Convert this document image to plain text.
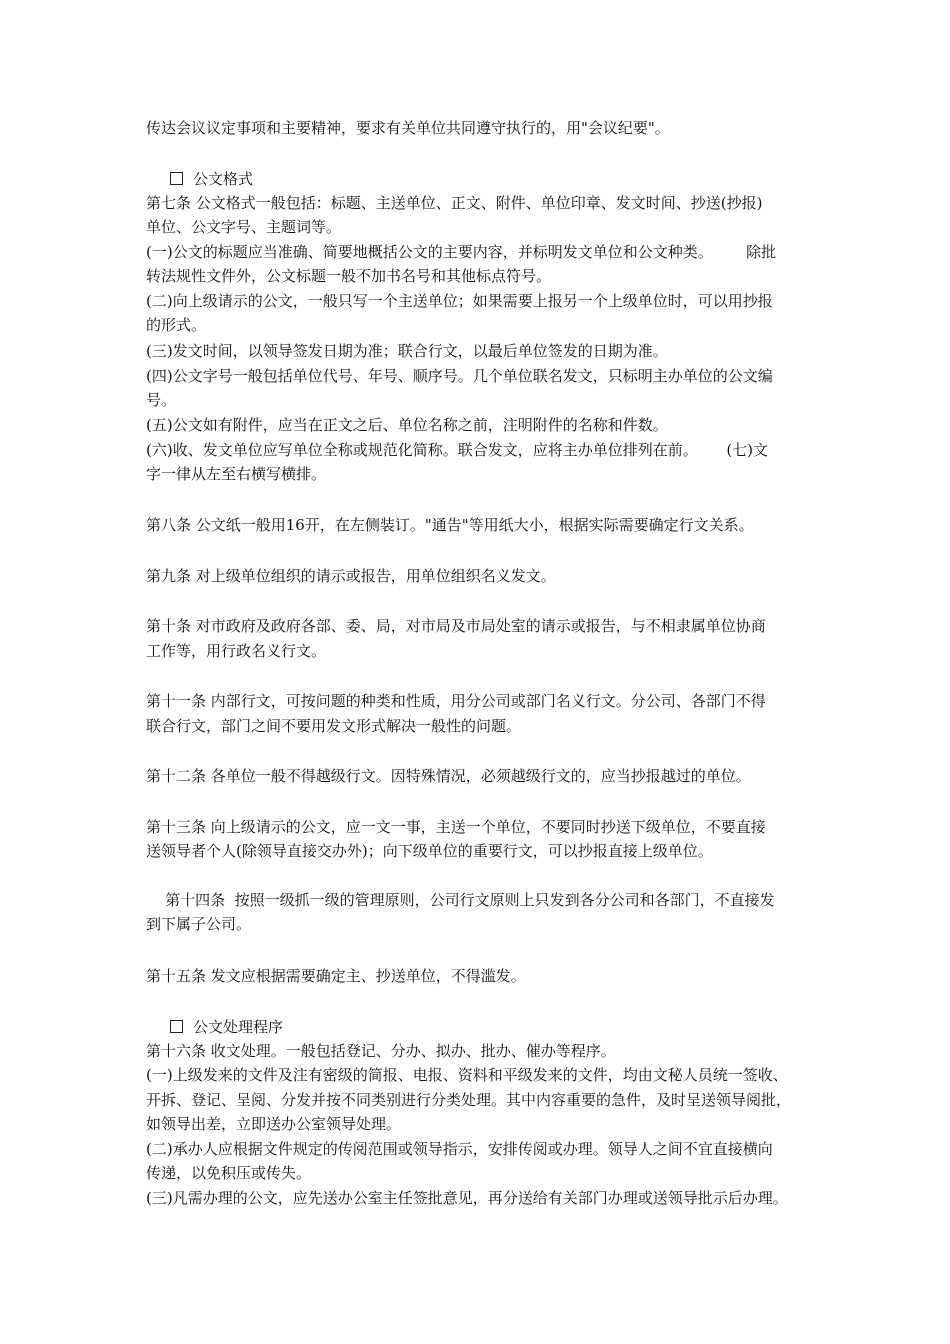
传达会议议定事项和主要精神，要求有关单位共同遵守执行的，用"会议纪要"。
公文格式
第七条 公文格式一般包括：标题、主送单位、正文、附件、单位印章、发文时间、抄送(抄报)
单位、公文字号、主题词等。
(一)公文的标题应当准确、简要地概括公文的主要内容，并标明发文单位和公文种类。       除批
转法规性文件外，公文标题一般不加书名号和其他标点符号。
(二)向上级请示的公文，一般只写一个主送单位；如果需要上报另一个上级单位时，可以用抄报
的形式。
(三)发文时间，以领导签发日期为准；联合行文，以最后单位签发的日期为准。
(四)公文字号一般包括单位代号、年号、顺序号。几个单位联名发文，只标明主办单位的公文编
号。
(五)公文如有附件，应当在正文之后、单位名称之前，注明附件的名称和件数。
(六)收、发文单位应写单位全称或规范化简称。联合发文，应将主办单位排列在前。      (七)文
字一律从左至右横写横排。
第八条 公文纸一般用16开，在左侧装订。"通告"等用纸大小，根据实际需要确定行文关系。
第九条 对上级单位组织的请示或报告，用单位组织名义发文。
第十条 对市政府及政府各部、委、局，对市局及市局处室的请示或报告，与不相隶属单位协商
工作等，用行政名义行文。
第十一条 内部行文，可按问题的种类和性质，用分公司或部门名义行文。分公司、各部门不得
联合行文，部门之间不要用发文形式解决一般性的问题。
第十二条 各单位一般不得越级行文。因特殊情况，必须越级行文的，应当抄报越过的单位。
第十三条 向上级请示的公文，应一文一事，主送一个单位，不要同时抄送下级单位，不要直接
送领导者个人(除领导直接交办外)；向下级单位的重要行文，可以抄报直接上级单位。
第十四条  按照一级抓一级的管理原则，公司行文原则上只发到各分公司和各部门，不直接发
到下属子公司。
第十五条 发文应根据需要确定主、抄送单位，不得滥发。
公文处理程序
第十六条 收文处理。一般包括登记、分办、拟办、批办、催办等程序。
(一)上级发来的文件及注有密级的简报、电报、资料和平级发来的文件，均由文秘人员统一签收、
开拆、登记、呈阅、分发并按不同类别进行分类处理。其中内容重要的急件，及时呈送领导阅批，
如领导出差，立即送办公室领导处理。
(二)承办人应根据文件规定的传阅范围或领导指示，安排传阅或办理。领导人之间不宜直接横向
传递，以免积压或传失。
(三)凡需办理的公文，应先送办公室主任签批意见，再分送给有关部门办理或送领导批示后办理。
